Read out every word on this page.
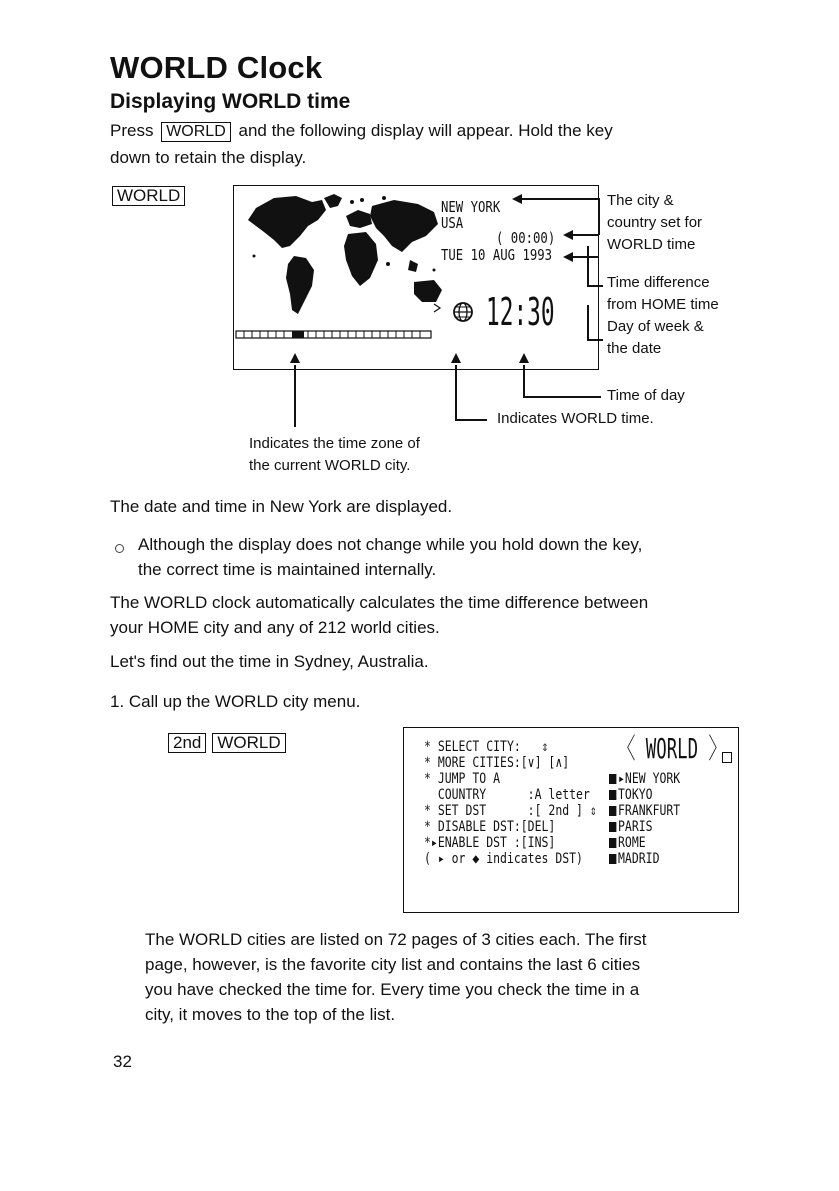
WORLD Clock
Displaying WORLD time
Press WORLD and the following display will appear. Hold the key
down to retain the display.
WORLD
NEW YORK
USA
( 00:00)
TUE 10 AUG 1993
12:30
The city &
country set for
WORLD time
Time difference
from HOME time
Day of week &
the date
Time of day
Indicates WORLD time.
Indicates the time zone of
the current WORLD city.
The date and time in New York are displayed.
Although the display does not change while you hold down the key,
the correct time is maintained internally.
The WORLD clock automatically calculates the time difference between
your HOME city and any of 212 world cities.
Let's find out the time in Sydney, Australia.
1. Call up the WORLD city menu.
2nd WORLD	* SELECT CITY:   ⇕
* MORE CITIES:[∨] [∧]
* JUMP TO A
COUNTRY      :A letter
* SET DST      :[ 2nd ] ⇕
* DISABLE DST:[DEL]
*▸ENABLE DST :[INS]
( ▸ or ◆ indicates DST)
〈 WORLD 〉
▸NEW YORK
TOKYO
FRANKFURT
PARIS
ROME
MADRID
The WORLD cities are listed on 72 pages of 3 cities each. The first
page, however, is the favorite city list and contains the last 6 cities
you have checked the time for. Every time you check the time in a
city, it moves to the top of the list.
32
